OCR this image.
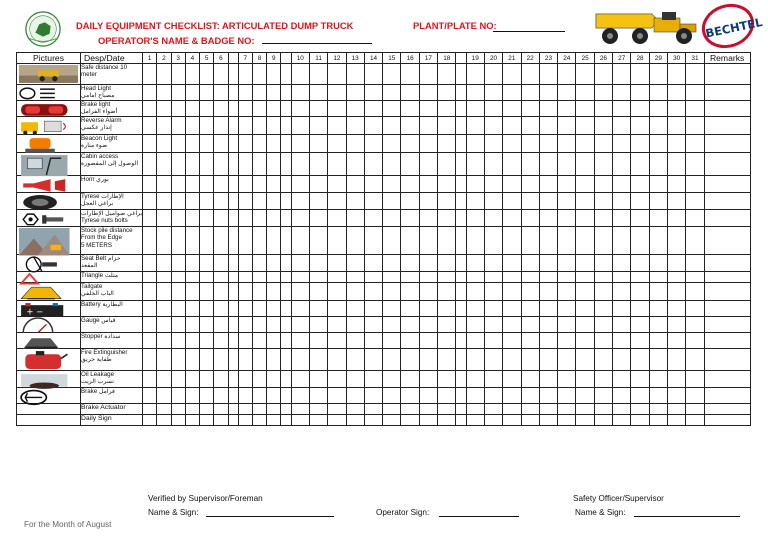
DAILY EQUIPMENT CHECKLIST: ARTICULATED DUMP TRUCK
OPERATOR'S NAME & BADGE NO:
PLANT/PLATE NO:	BECHTEL
Pictures	Desp/Date	1	2	3	4	5	6		7	8	9		10	11	12	13	14	15	16	17	18		19	20	21	22	23	24	25	26	27	28	29	30	31	Remarks

Safe distance 10
meter																																			

Head Light
مصباح امامي																																			

Brake light
أضواء الفرامل																																			

Reverse Alarm
إنذار عكسي																																			

Beacon Light
ضوء منارة																																			

Cabin access
الوصول إلى المقصورة																																			

Horn بوري																																			

Tyrese الإطارات
براغي العجل																																			

براغي صواميل الإطارات
Tyrese nuts bolts																																			

Stock pile distance
From the Edge
5 METERS																																			

Seat Belt حزام
المقعد																																			

Triangle مثلث																																			

Tailgate
الباب الخلفي																																			

+ −	Battery البطارية																																			

Gauge قياس																																			

Stopper سدادة																																			

Fire Extinguisher
طفاية حريق																																			

Oil Leakage
تسرب الزيت																																			

Brake فرامل																																			

	Brake Actuator																																			

	Daily Sign																																			

Verified by Supervisor/Foreman
Name & Sign:	Operator Sign:
Safety Officer/Supervisor
Name & Sign:
For the Month of August
